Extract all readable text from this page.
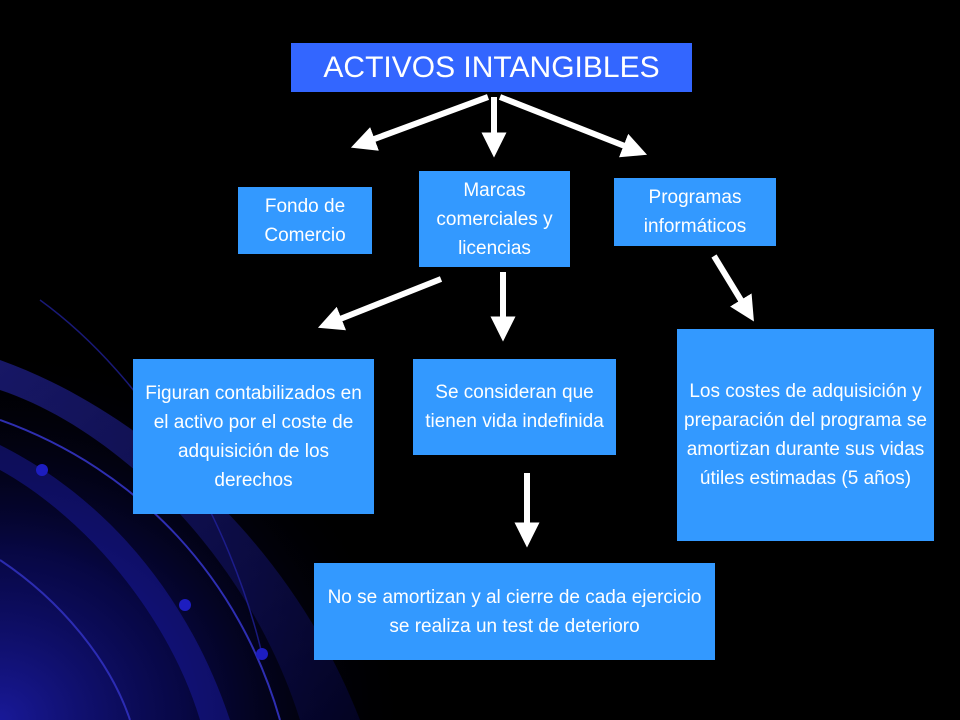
ACTIVOS INTANGIBLES
Fondo de Comercio
Marcas comerciales y licencias
Programas informáticos
Figuran contabilizados en el activo por el coste de adquisición de los derechos
Se consideran que tienen vida indefinida
Los costes de adquisición y preparación del programa se amortizan durante sus vidas útiles estimadas (5 años)
No se amortizan y al cierre de cada ejercicio se realiza un test de deterioro
